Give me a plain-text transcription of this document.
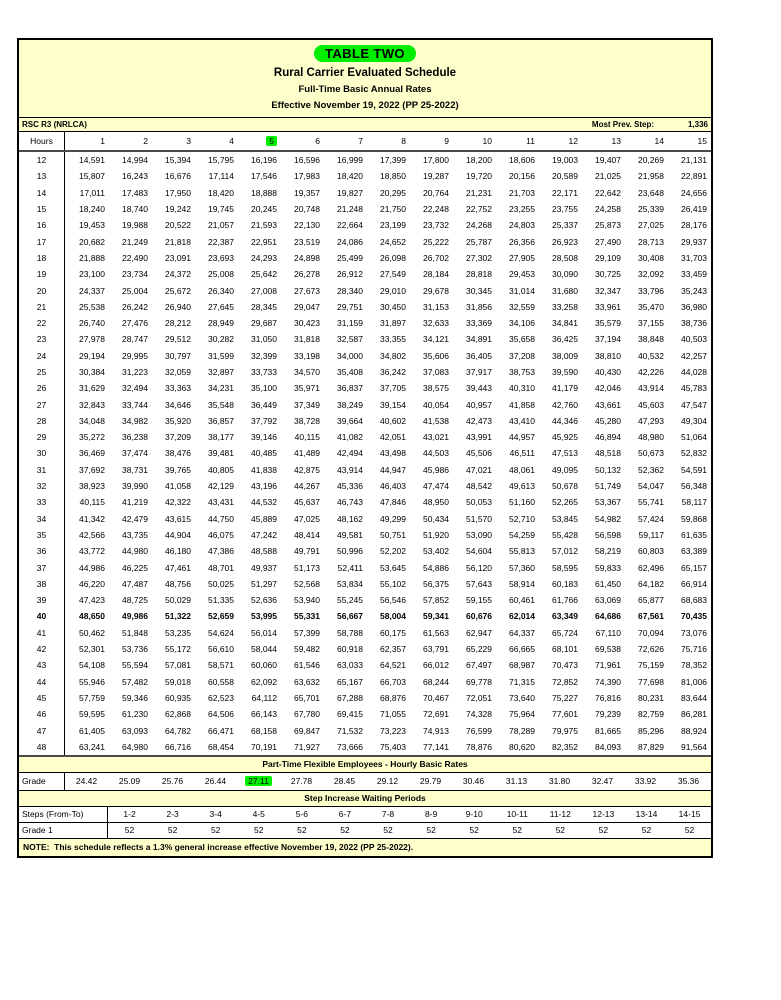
TABLE TWO
Rural Carrier Evaluated Schedule
Full-Time Basic Annual Rates
Effective November 19, 2022 (PP 25-2022)
RSC R3 (NRLCA)	Most Prev. Step:	1,336
Hours	1	2	3	4	5	6	7	8	9	10	11	12	13	14	15
12	14,591	14,994	15,394	15,795	16,196	16,596	16,999	17,399	17,800	18,200	18,606	19,003	19,407	20,269	21,131
13	15,807	16,243	16,676	17,114	17,546	17,983	18,420	18,850	19,287	19,720	20,156	20,589	21,025	21,958	22,891
14	17,011	17,483	17,950	18,420	18,888	19,357	19,827	20,295	20,764	21,231	21,703	22,171	22,642	23,648	24,656
15	18,240	18,740	19,242	19,745	20,245	20,748	21,248	21,750	22,248	22,752	23,255	23,755	24,258	25,339	26,419
16	19,453	19,988	20,522	21,057	21,593	22,130	22,664	23,199	23,732	24,268	24,803	25,337	25,873	27,025	28,176
17	20,682	21,249	21,818	22,387	22,951	23,519	24,086	24,652	25,222	25,787	26,356	26,923	27,490	28,713	29,937
18	21,888	22,490	23,091	23,693	24,293	24,898	25,499	26,098	26,702	27,302	27,905	28,508	29,109	30,408	31,703
19	23,100	23,734	24,372	25,008	25,642	26,278	26,912	27,549	28,184	28,818	29,453	30,090	30,725	32,092	33,459
20	24,337	25,004	25,672	26,340	27,008	27,673	28,340	29,010	29,678	30,345	31,014	31,680	32,347	33,796	35,243
21	25,538	26,242	26,940	27,645	28,345	29,047	29,751	30,450	31,153	31,856	32,559	33,258	33,961	35,470	36,980
22	26,740	27,476	28,212	28,949	29,687	30,423	31,159	31,897	32,633	33,369	34,106	34,841	35,579	37,155	38,736
23	27,978	28,747	29,512	30,282	31,050	31,818	32,587	33,355	34,121	34,891	35,658	36,425	37,194	38,848	40,503
24	29,194	29,995	30,797	31,599	32,399	33,198	34,000	34,802	35,606	36,405	37,208	38,009	38,810	40,532	42,257
25	30,384	31,223	32,059	32,897	33,733	34,570	35,408	36,242	37,083	37,917	38,753	39,590	40,430	42,226	44,028
26	31,629	32,494	33,363	34,231	35,100	35,971	36,837	37,705	38,575	39,443	40,310	41,179	42,046	43,914	45,783
27	32,843	33,744	34,646	35,548	36,449	37,349	38,249	39,154	40,054	40,957	41,858	42,760	43,661	45,603	47,547
28	34,048	34,982	35,920	36,857	37,792	38,728	39,664	40,602	41,538	42,473	43,410	44,346	45,280	47,293	49,304
29	35,272	36,238	37,209	38,177	39,146	40,115	41,082	42,051	43,021	43,991	44,957	45,925	46,894	48,980	51,064
30	36,469	37,474	38,476	39,481	40,485	41,489	42,494	43,498	44,503	45,506	46,511	47,513	48,518	50,673	52,832
31	37,692	38,731	39,765	40,805	41,838	42,875	43,914	44,947	45,986	47,021	48,061	49,095	50,132	52,362	54,591
32	38,923	39,990	41,058	42,129	43,196	44,267	45,336	46,403	47,474	48,542	49,613	50,678	51,749	54,047	56,348
33	40,115	41,219	42,322	43,431	44,532	45,637	46,743	47,846	48,950	50,053	51,160	52,265	53,367	55,741	58,117
34	41,342	42,479	43,615	44,750	45,889	47,025	48,162	49,299	50,434	51,570	52,710	53,845	54,982	57,424	59,868
35	42,566	43,735	44,904	46,075	47,242	48,414	49,581	50,751	51,920	53,090	54,259	55,428	56,598	59,117	61,635
36	43,772	44,980	46,180	47,386	48,588	49,791	50,996	52,202	53,402	54,604	55,813	57,012	58,219	60,803	63,389
37	44,986	46,225	47,461	48,701	49,937	51,173	52,411	53,645	54,886	56,120	57,360	58,595	59,833	62,496	65,157
38	46,220	47,487	48,756	50,025	51,297	52,568	53,834	55,102	56,375	57,643	58,914	60,183	61,450	64,182	66,914
39	47,423	48,725	50,029	51,335	52,636	53,940	55,245	56,546	57,852	59,155	60,461	61,766	63,069	65,877	68,683
40	48,650	49,986	51,322	52,659	53,995	55,331	56,667	58,004	59,341	60,676	62,014	63,349	64,686	67,561	70,435
41	50,462	51,848	53,235	54,624	56,014	57,399	58,788	60,175	61,563	62,947	64,337	65,724	67,110	70,094	73,076
42	52,301	53,736	55,172	56,610	58,044	59,482	60,918	62,357	63,791	65,229	66,665	68,101	69,538	72,626	75,716
43	54,108	55,594	57,081	58,571	60,060	61,546	63,033	64,521	66,012	67,497	68,987	70,473	71,961	75,159	78,352
44	55,946	57,482	59,018	60,558	62,092	63,632	65,167	66,703	68,244	69,778	71,315	72,852	74,390	77,698	81,006
45	57,759	59,346	60,935	62,523	64,112	65,701	67,288	68,876	70,467	72,051	73,640	75,227	76,816	80,231	83,644
46	59,595	61,230	62,868	64,506	66,143	67,780	69,415	71,055	72,691	74,328	75,964	77,601	79,239	82,759	86,281
47	61,405	63,093	64,782	66,471	68,158	69,847	71,532	73,223	74,913	76,599	78,289	79,975	81,665	85,296	88,924
48	63,241	64,980	66,716	68,454	70,191	71,927	73,666	75,403	77,141	78,876	80,620	82,352	84,093	87,829	91,564
Part-Time Flexible Employees - Hourly Basic Rates
Grade	24.42	25.09	25.76	26.44	27.11	27.78	28.45	29.12	29.79	30.46	31.13	31.80	32.47	33.92	35.36
Step Increase Waiting Periods
Steps (From-To)	1-2	2-3	3-4	4-5	5-6	6-7	7-8	8-9	9-10	10-11	11-12	12-13	13-14	14-15
Grade 1	52	52	52	52	52	52	52	52	52	52	52	52	52	52
NOTE:  This schedule reflects a 1.3% general increase effective November 19, 2022 (PP 25-2022).
